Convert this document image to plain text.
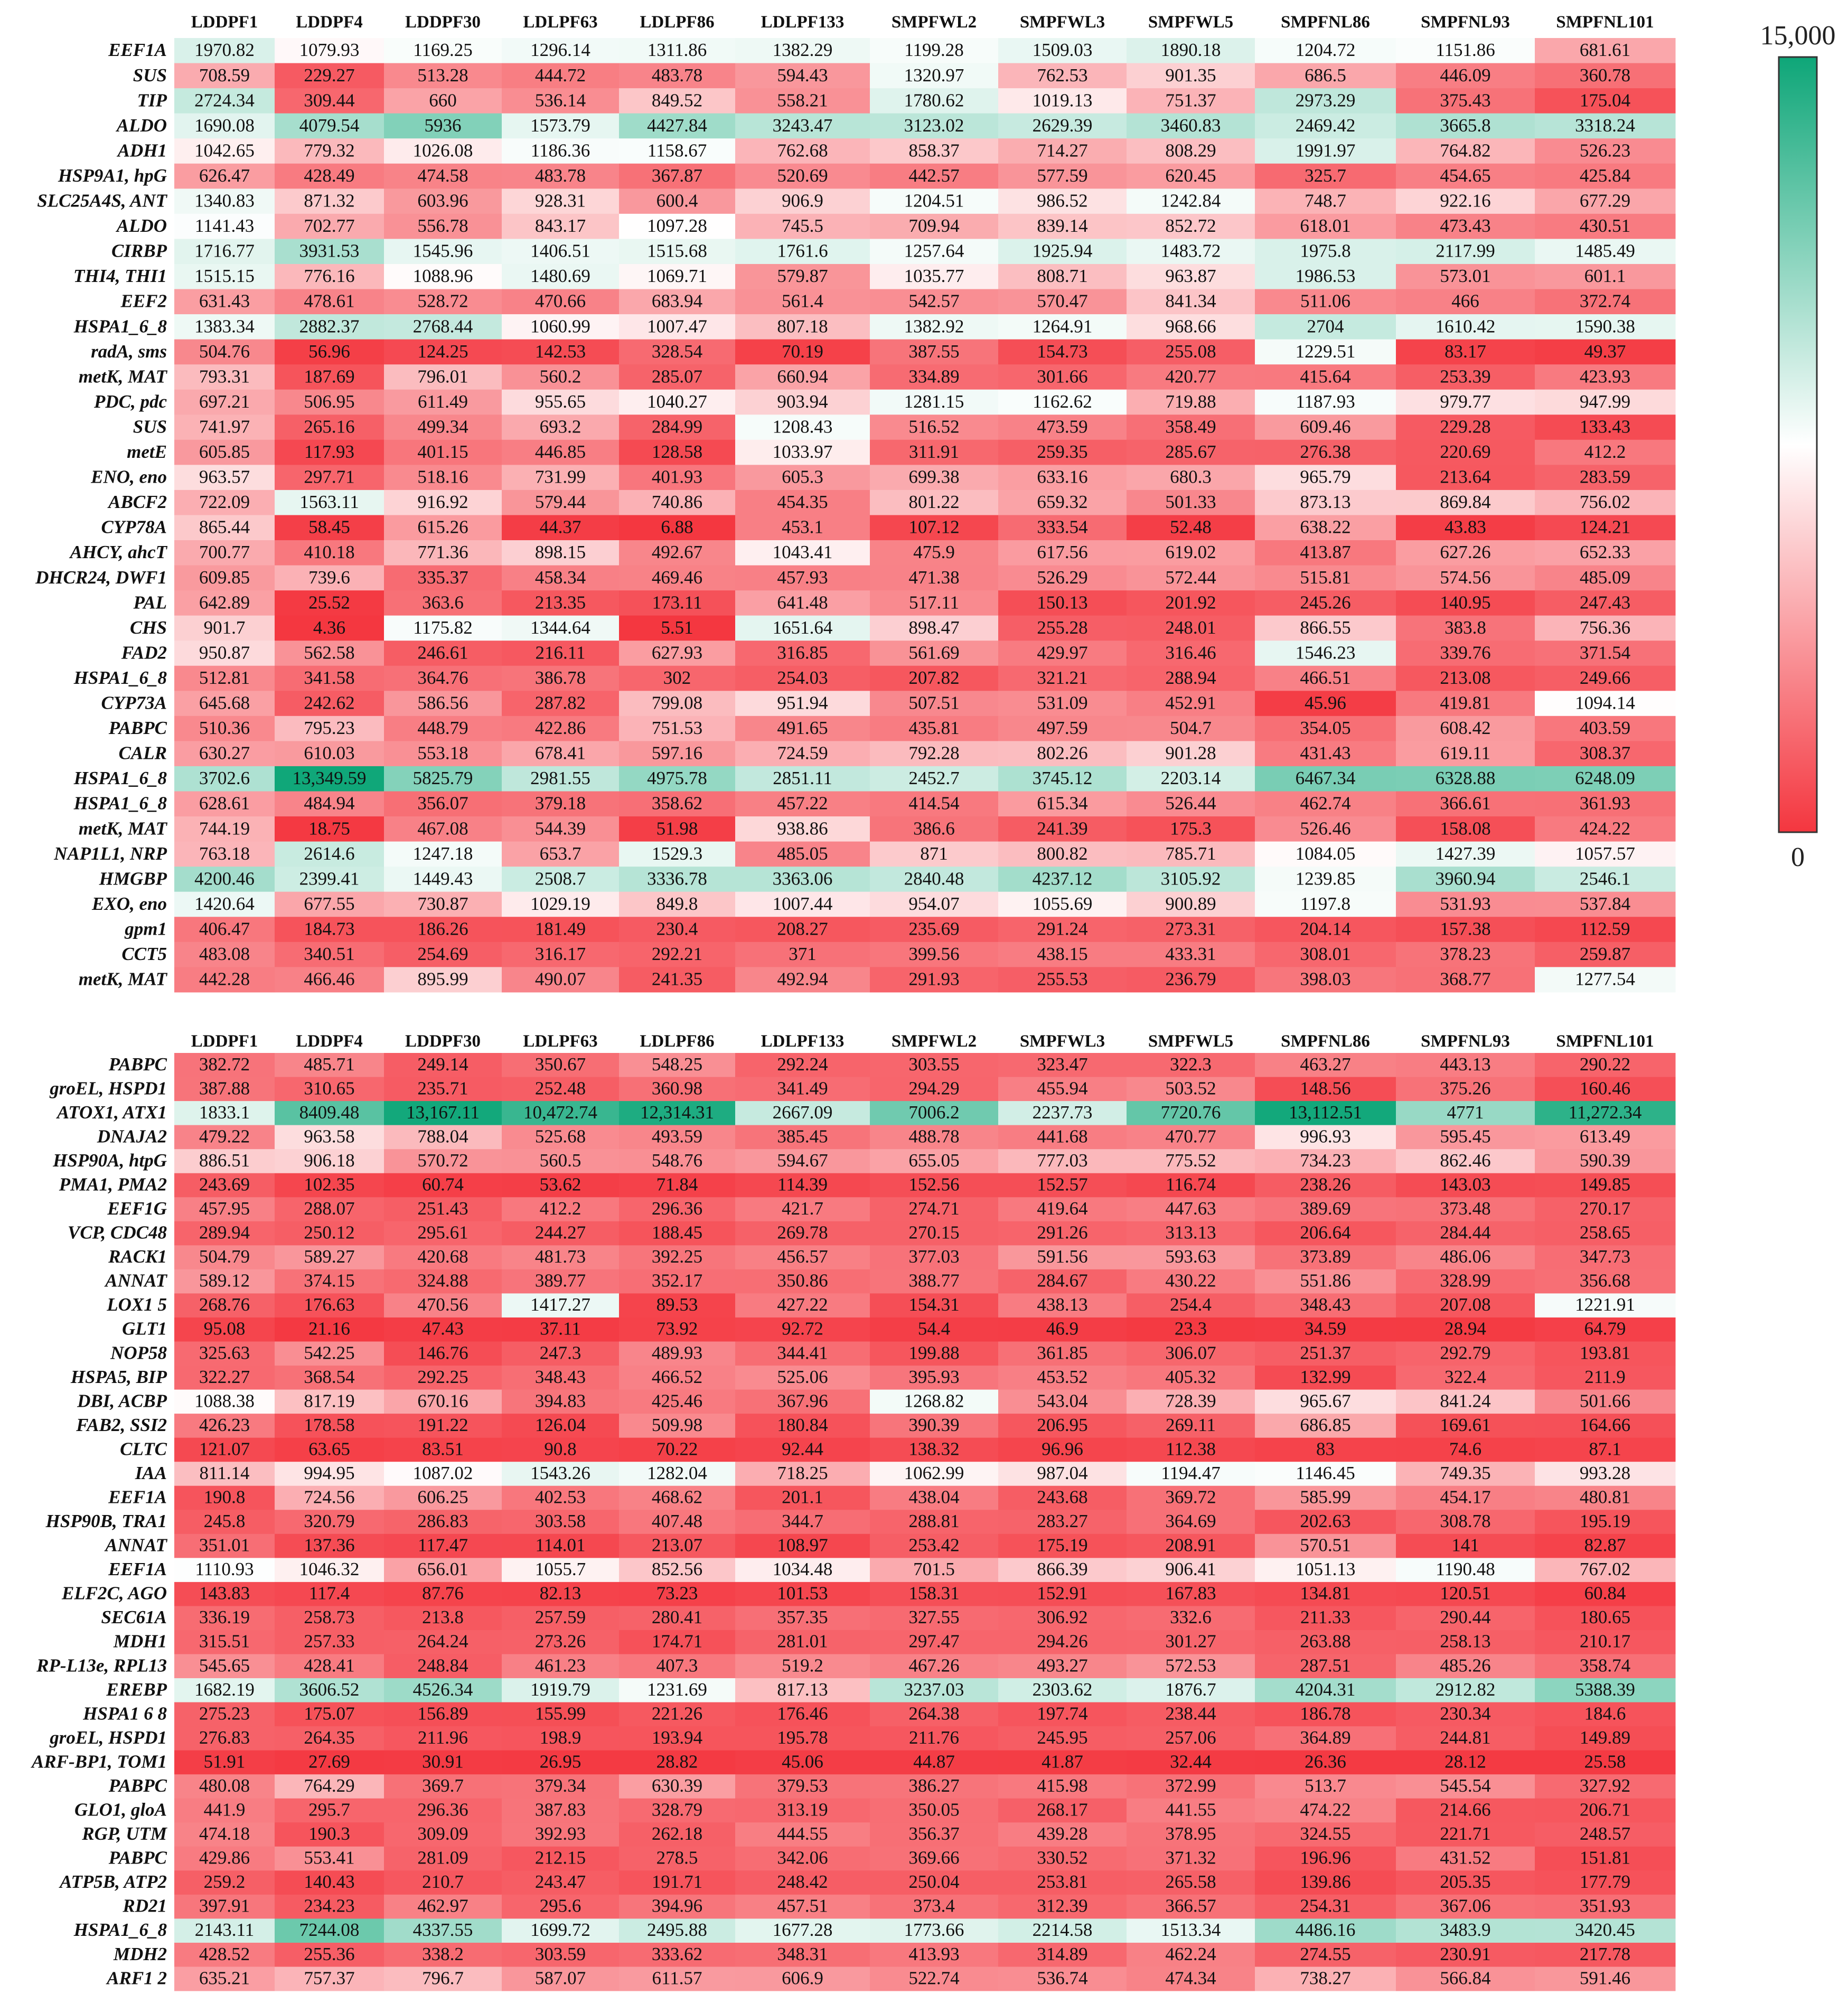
LDDPF1 LDDPF4 LDDPF30 LDLPF63 LDLPF86	LDLPF133	SMPFWL2 SMPFWL3 SMPFWL5	SMPFNL86	SMPFNL93	SMPFNL101
EEF1A 1970.82 1079.93	1169.25	1296.14	1311.86	1382.29	1199.28	1509.03	1890.18	1204.72	1151.86	681.61
SUS 708.59	229.27	513.28	444.72	483.78	594.43	1320.97	762.53	901.35	686.5	446.09	360.78
TIP 2724.34	309.44	660	536.14	849.52	558.21	1780.62	1019.13	751.37	2973.29	375.43	175.04
ALDO 1690.08 4079.54	5936	1573.79	4427.84	3243.47	3123.02	2629.39	3460.83	2469.42	3665.8	3318.24
ADH1 1042.65	779.32	1026.08	1186.36	1158.67	762.68	858.37	714.27	808.29	1991.97	764.82	526.23
HSP9A1, hpG 626.47	428.49	474.58	483.78	367.87	520.69	442.57	577.59	620.45	325.7	454.65	425.84
SLC25A4S, ANT 1340.83	871.32	603.96	928.31	600.4	906.9	1204.51	986.52	1242.84	748.7	922.16	677.29
ALDO 1141.43	702.77	556.78	843.17	1097.28	745.5	709.94	839.14	852.72	618.01	473.43	430.51
CIRBP 1716.77 3931.53	1545.96	1406.51	1515.68	1761.6	1257.64	1925.94	1483.72	1975.8	2117.99	1485.49
THI4, THI1 1515.15	776.16	1088.96	1480.69	1069.71	579.87	1035.77	808.71	963.87	1986.53	573.01	601.1
EEF2 631.43	478.61	528.72	470.66	683.94	561.4	542.57	570.47	841.34	511.06	466	372.74
HSPA1_6_8 1383.34 2882.37	2768.44	1060.99	1007.47	807.18	1382.92	1264.91	968.66	2704	1610.42	1590.38
radA, sms 504.76	56.96	124.25	142.53	328.54	70.19	387.55	154.73	255.08	1229.51	83.17	49.37
metK, MAT 793.31	187.69	796.01	560.2	285.07	660.94	334.89	301.66	420.77	415.64	253.39	423.93
PDC, pdc 697.21	506.95	611.49	955.65	1040.27	903.94	1281.15	1162.62	719.88	1187.93	979.77	947.99
SUS 741.97	265.16	499.34	693.2	284.99	1208.43	516.52	473.59	358.49	609.46	229.28	133.43
metE 605.85	117.93	401.15	446.85	128.58	1033.97	311.91	259.35	285.67	276.38	220.69	412.2
ENO, eno 963.57	297.71	518.16	731.99	401.93	605.3	699.38	633.16	680.3	965.79	213.64	283.59
ABCF2 722.09	1563.11	916.92	579.44	740.86	454.35	801.22	659.32	501.33	873.13	869.84	756.02
CYP78A 865.44	58.45	615.26	44.37	6.88	453.1	107.12	333.54	52.48	638.22	43.83	124.21
AHCY, ahcT 700.77	410.18	771.36	898.15	492.67	1043.41	475.9	617.56	619.02	413.87	627.26	652.33
DHCR24, DWF1 609.85	739.6	335.37	458.34	469.46	457.93	471.38	526.29	572.44	515.81	574.56	485.09
PAL 642.89	25.52	363.6	213.35	173.11	641.48	517.11	150.13	201.92	245.26	140.95	247.43
CHS 901.7	4.36	1175.82	1344.64	5.51	1651.64	898.47	255.28	248.01	866.55	383.8	756.36
FAD2 950.87	562.58	246.61	216.11	627.93	316.85	561.69	429.97	316.46	1546.23	339.76	371.54
HSPA1_6_8 512.81	341.58	364.76	386.78	302	254.03	207.82	321.21	288.94	466.51	213.08	249.66
CYP73A 645.68	242.62	586.56	287.82	799.08	951.94	507.51	531.09	452.91	45.96	419.81	1094.14
PABPC 510.36	795.23	448.79	422.86	751.53	491.65	435.81	497.59	504.7	354.05	608.42	403.59
CALR 630.27	610.03	553.18	678.41	597.16	724.59	792.28	802.26	901.28	431.43	619.11	308.37
HSPA1_6_8 3702.6 13,349.59	5825.79	2981.55	4975.78	2851.11	2452.7	3745.12	2203.14	6467.34	6328.88	6248.09
HSPA1_6_8 628.61	484.94	356.07	379.18	358.62	457.22	414.54	615.34	526.44	462.74	366.61	361.93
metK, MAT 744.19	18.75	467.08	544.39	51.98	938.86	386.6	241.39	175.3	526.46	158.08	424.22
NAP1L1, NRP 763.18	2614.6	1247.18	653.7	1529.3	485.05	871	800.82	785.71	1084.05	1427.39	1057.57
HMGBP 4200.46 2399.41	1449.43	2508.7	3336.78	3363.06	2840.48	4237.12	3105.92	1239.85	3960.94	2546.1
EXO, eno 1420.64	677.55	730.87	1029.19	849.8	1007.44	954.07	1055.69	900.89	1197.8	531.93	537.84
gpm1 406.47	184.73	186.26	181.49	230.4	208.27	235.69	291.24	273.31	204.14	157.38	112.59
CCT5 483.08	340.51	254.69	316.17	292.21	371	399.56	438.15	433.31	308.01	378.23	259.87
metK, MAT 442.28	466.46	895.99	490.07	241.35	492.94	291.93	255.53	236.79	398.03	368.77	1277.54
LDDPF1 LDDPF4 LDDPF30 LDLPF63 LDLPF86	LDLPF133	SMPFWL2 SMPFWL3 SMPFWL5	SMPFNL86	SMPFNL93	SMPFNL101
PABPC 382.72	485.71	249.14	350.67	548.25	292.24	303.55	323.47	322.3	463.27	443.13	290.22
groEL, HSPD1 387.88	310.65	235.71	252.48	360.98	341.49	294.29	455.94	503.52	148.56	375.26	160.46
ATOX1, ATX1 1833.1	8409.48	13,167.11 10,472.74 12,314.31	2667.09	7006.2	2237.73	7720.76	13,112.51	4771	11,272.34
DNAJA2 479.22	963.58	788.04	525.68	493.59	385.45	488.78	441.68	470.77	996.93	595.45	613.49
HSP90A, htpG 886.51	906.18	570.72	560.5	548.76	594.67	655.05	777.03	775.52	734.23	862.46	590.39
PMA1, PMA2 243.69	102.35	60.74	53.62	71.84	114.39	152.56	152.57	116.74	238.26	143.03	149.85
EEF1G 457.95	288.07	251.43	412.2	296.36	421.7	274.71	419.64	447.63	389.69	373.48	270.17
VCP, CDC48 289.94	250.12	295.61	244.27	188.45	269.78	270.15	291.26	313.13	206.64	284.44	258.65
RACK1 504.79	589.27	420.68	481.73	392.25	456.57	377.03	591.56	593.63	373.89	486.06	347.73
ANNAT 589.12	374.15	324.88	389.77	352.17	350.86	388.77	284.67	430.22	551.86	328.99	356.68
LOX1 5 268.76	176.63	470.56	1417.27	89.53	427.22	154.31	438.13	254.4	348.43	207.08	1221.91
GLT1 95.08	21.16	47.43	37.11	73.92	92.72	54.4	46.9	23.3	34.59	28.94	64.79
NOP58 325.63	542.25	146.76	247.3	489.93	344.41	199.88	361.85	306.07	251.37	292.79	193.81
HSPA5, BIP 322.27	368.54	292.25	348.43	466.52	525.06	395.93	453.52	405.32	132.99	322.4	211.9
DBI, ACBP 1088.38	817.19	670.16	394.83	425.46	367.96	1268.82	543.04	728.39	965.67	841.24	501.66
FAB2, SSI2 426.23	178.58	191.22	126.04	509.98	180.84	390.39	206.95	269.11	686.85	169.61	164.66
CLTC 121.07	63.65	83.51	90.8	70.22	92.44	138.32	96.96	112.38	83	74.6	87.1
IAA 811.14	994.95	1087.02	1543.26	1282.04	718.25	1062.99	987.04	1194.47	1146.45	749.35	993.28
EEF1A 190.8	724.56	606.25	402.53	468.62	201.1	438.04	243.68	369.72	585.99	454.17	480.81
HSP90B, TRA1 245.8	320.79	286.83	303.58	407.48	344.7	288.81	283.27	364.69	202.63	308.78	195.19
ANNAT 351.01	137.36	117.47	114.01	213.07	108.97	253.42	175.19	208.91	570.51	141	82.87
EEF1A 1110.93 1046.32	656.01	1055.7	852.56	1034.48	701.5	866.39	906.41	1051.13	1190.48	767.02
ELF2C, AGO 143.83	117.4	87.76	82.13	73.23	101.53	158.31	152.91	167.83	134.81	120.51	60.84
SEC61A 336.19	258.73	213.8	257.59	280.41	357.35	327.55	306.92	332.6	211.33	290.44	180.65
MDH1 315.51	257.33	264.24	273.26	174.71	281.01	297.47	294.26	301.27	263.88	258.13	210.17
RP-L13e, RPL13 545.65	428.41	248.84	461.23	407.3	519.2	467.26	493.27	572.53	287.51	485.26	358.74
EREBP 1682.19 3606.52	4526.34	1919.79	1231.69	817.13	3237.03	2303.62	1876.7	4204.31	2912.82	5388.39
HSPA1 6 8 275.23	175.07	156.89	155.99	221.26	176.46	264.38	197.74	238.44	186.78	230.34	184.6
groEL, HSPD1 276.83	264.35	211.96	198.9	193.94	195.78	211.76	245.95	257.06	364.89	244.81	149.89
ARF-BP1, TOM1 51.91	27.69	30.91	26.95	28.82	45.06	44.87	41.87	32.44	26.36	28.12	25.58
PABPC 480.08	764.29	369.7	379.34	630.39	379.53	386.27	415.98	372.99	513.7	545.54	327.92
GLO1, gloA 441.9	295.7	296.36	387.83	328.79	313.19	350.05	268.17	441.55	474.22	214.66	206.71
RGP, UTM 474.18	190.3	309.09	392.93	262.18	444.55	356.37	439.28	378.95	324.55	221.71	248.57
PABPC 429.86	553.41	281.09	212.15	278.5	342.06	369.66	330.52	371.32	196.96	431.52	151.81
ATP5B, ATP2 259.2	140.43	210.7	243.47	191.71	248.42	250.04	253.81	265.58	139.86	205.35	177.79
RD21 397.91	234.23	462.97	295.6	394.96	457.51	373.4	312.39	366.57	254.31	367.06	351.93
HSPA1_6_8 2143.11 7244.08	4337.55	1699.72	2495.88	1677.28	1773.66	2214.58	1513.34	4486.16	3483.9	3420.45
MDH2 428.52	255.36	338.2	303.59	333.62	348.31	413.93	314.89	462.24	274.55	230.91	217.78
ARF1 2 635.21	757.37	796.7	587.07	611.57	606.9	522.74	536.74	474.34	738.27	566.84	591.46
15,000
0
